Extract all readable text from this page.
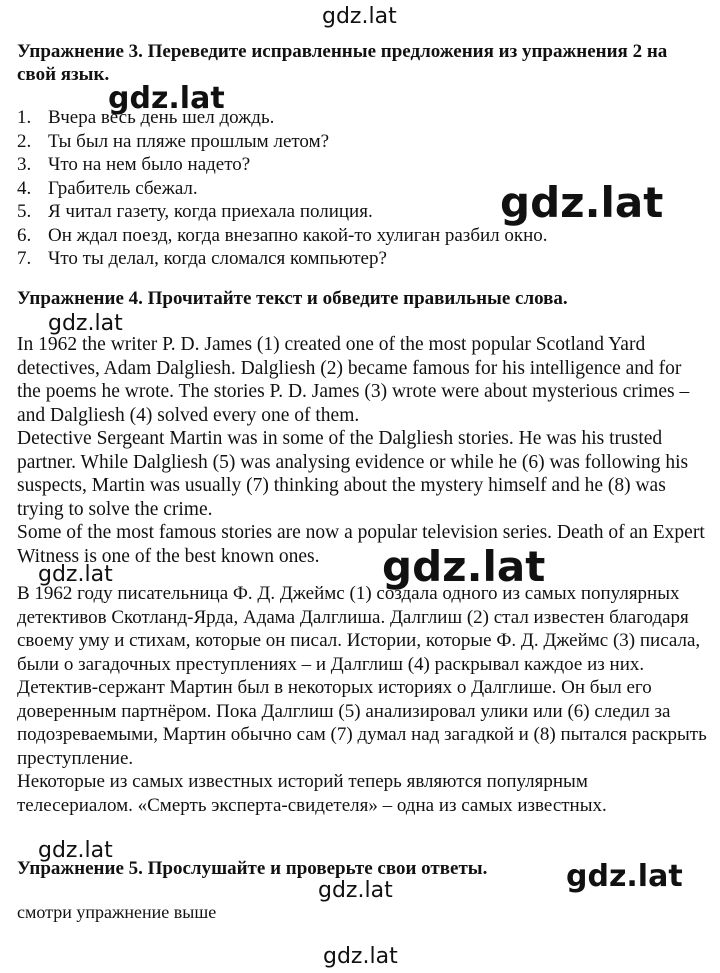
gdz.lat
Упражнение 3. Переведите исправленные предложения из упражнения 2 на свой язык.
gdz.lat
1. Вчера весь день шел дождь.
2. Ты был на пляже прошлым летом?
3. Что на нем было надето?
4. Грабитель сбежал.
5. Я читал газету, когда приехала полиция.
6. Он ждал поезд, когда внезапно какой-то хулиган разбил окно.
7. Что ты делал, когда сломался компьютер?
gdz.lat
Упражнение 4. Прочитайте текст и обведите правильные слова.
gdz.lat

In 1962 the writer P. D. James (1) created one of the most popular Scotland Yard detectives, Adam Dalgliesh. Dalgliesh (2) became famous for his intelligence and for the poems he wrote. The stories P. D. James (3) wrote were about mysterious crimes – and Dalgliesh (4) solved every one of them.

Detective Sergeant Martin was in some of the Dalgliesh stories. He was his trusted partner. While Dalgliesh (5) was analysing evidence or while he (6) was following his suspects, Martin was usually (7) thinking about the mystery himself and he (8) was trying to solve the crime.

Some of the most famous stories are now a popular television series. Death of an Expert Witness is one of the best known ones.	gdz.lat
gdz.lat

В 1962 году писательница Ф. Д. Джеймс (1) создала одного из самых популярных детективов Скотланд-Ярда, Адама Далглиша. Далглиш (2) стал известен благодаря своему уму и стихам, которые он писал. Истории, которые Ф. Д. Джеймс (3) писала, были о загадочных преступлениях – и Далглиш (4) раскрывал каждое из них.

Детектив-сержант Мартин был в некоторых историях о Далглише. Он был его доверенным партнёром. Пока Далглиш (5) анализировал улики или (6) следил за подозреваемыми, Мартин обычно сам (7) думал над загадкой и (8) пытался раскрыть преступление.

Некоторые из самых известных историй теперь являются популярным телесериалом. «Смерть эксперта-свидетеля» – одна из самых известных.

gdz.lat
Упражнение 5. Прослушайте и проверьте свои ответы.	gdz.lat
gdz.lat

смотри упражнение выше

gdz.lat
